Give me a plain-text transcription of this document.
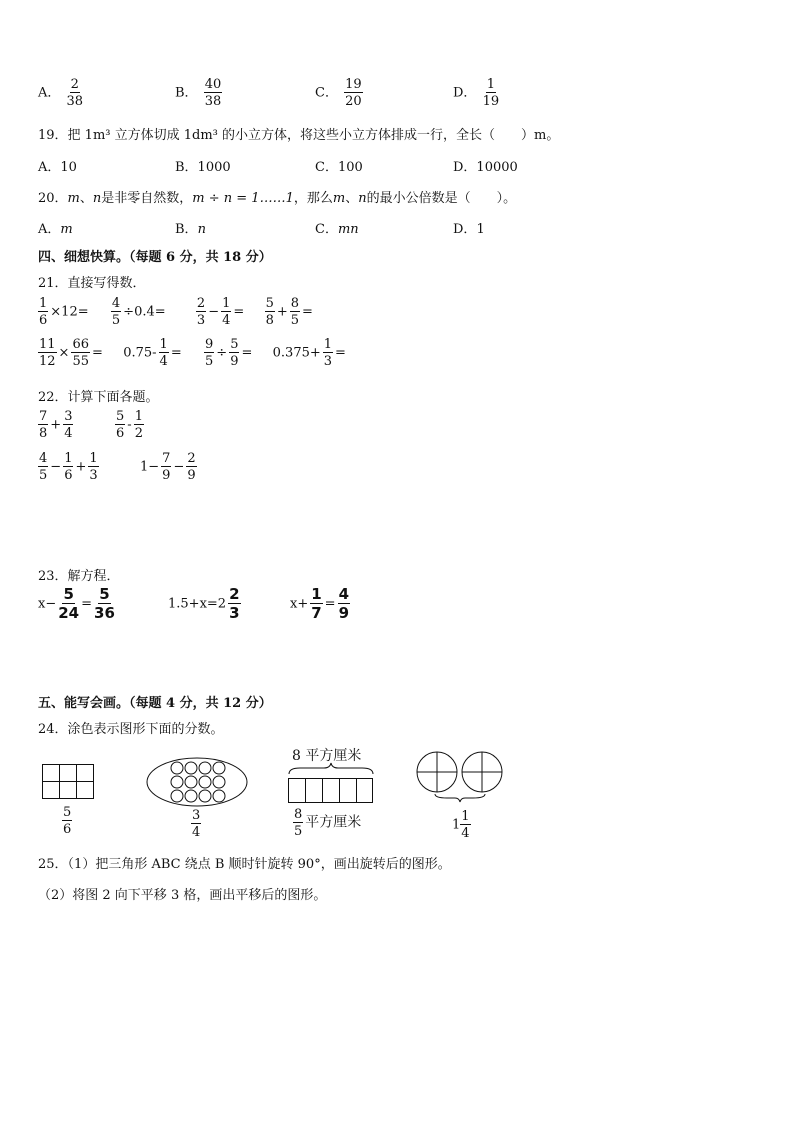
A． $\frac{2}{38}$	B． $\frac{40}{38}$	C． $\frac{19}{20}$	D． $\frac{1}{19}$
19．把 1m³ 立方体切成 1dm³ 的小立方体，将这些小立方体排成一行，全长（　　）m。
A．10	B．1000	C．100	D．10000
20．m、n是非零自然数，m ÷ n = 1……1，那么m、n的最小公倍数是（　　）。
A．m	B．n	C．mn	D．1
四、细想快算。（每题 6 分，共 18 分）
21．直接写得数．
$\frac{1}{6} \times 12= \frac{4}{5} \div 0.4= \frac{2}{3} - \frac{1}{4} = \frac{5}{8} + \frac{8}{5}$ =
$\frac{11}{12} \times \frac{66}{55} = 0.75- \frac{1}{4} = \frac{9}{5} \div \frac{5}{9} = 0.375+ \frac{1}{3}$ =
22．计算下面各题。
$\frac{7}{8} + \frac{3}{4}$	$\frac{5}{6} - \frac{1}{2}$
$\frac{4}{5} - \frac{1}{6} + \frac{1}{3}$	$1- \frac{7}{9} - \frac{2}{9}$
23．解方程．
$x- \frac{5}{24} = \frac{5}{36}$	$1.5+x=2 \frac{2}{3}$	$x+ \frac{1}{7} = \frac{4}{9}$
五、能写会画。（每题 4 分，共 12 分）
24．涂色表示图形下面的分数。
$\frac{5}{6}$	$\frac{3}{4}$
8 平方厘米
$\frac{8}{5}$ 平方厘米	$1 \frac{1}{4}$
25．（1）把三角形 ABC 绕点 B 顺时针旋转 90°，画出旋转后的图形。
（2）将图 2 向下平移 3 格，画出平移后的图形。
